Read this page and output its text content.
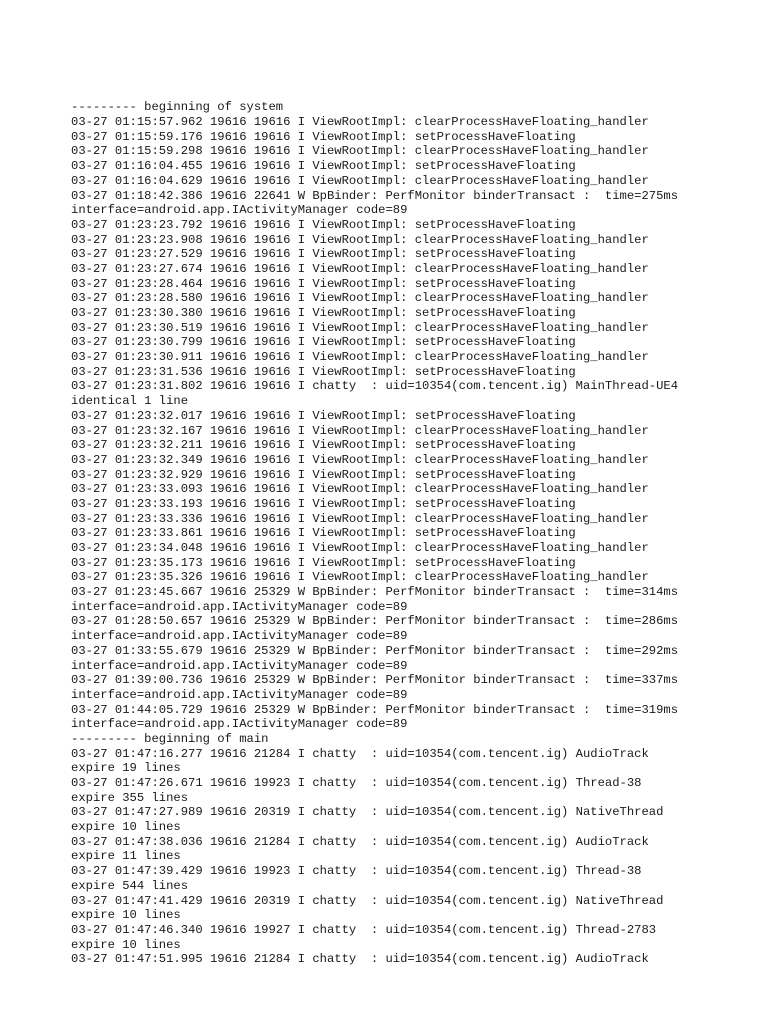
--------- beginning of system
03-27 01:15:57.962 19616 19616 I ViewRootImpl: clearProcessHaveFloating_handler
03-27 01:15:59.176 19616 19616 I ViewRootImpl: setProcessHaveFloating
03-27 01:15:59.298 19616 19616 I ViewRootImpl: clearProcessHaveFloating_handler
03-27 01:16:04.455 19616 19616 I ViewRootImpl: setProcessHaveFloating
03-27 01:16:04.629 19616 19616 I ViewRootImpl: clearProcessHaveFloating_handler
03-27 01:18:42.386 19616 22641 W BpBinder: PerfMonitor binderTransact :  time=275ms
interface=android.app.IActivityManager code=89
03-27 01:23:23.792 19616 19616 I ViewRootImpl: setProcessHaveFloating
03-27 01:23:23.908 19616 19616 I ViewRootImpl: clearProcessHaveFloating_handler
03-27 01:23:27.529 19616 19616 I ViewRootImpl: setProcessHaveFloating
03-27 01:23:27.674 19616 19616 I ViewRootImpl: clearProcessHaveFloating_handler
03-27 01:23:28.464 19616 19616 I ViewRootImpl: setProcessHaveFloating
03-27 01:23:28.580 19616 19616 I ViewRootImpl: clearProcessHaveFloating_handler
03-27 01:23:30.380 19616 19616 I ViewRootImpl: setProcessHaveFloating
03-27 01:23:30.519 19616 19616 I ViewRootImpl: clearProcessHaveFloating_handler
03-27 01:23:30.799 19616 19616 I ViewRootImpl: setProcessHaveFloating
03-27 01:23:30.911 19616 19616 I ViewRootImpl: clearProcessHaveFloating_handler
03-27 01:23:31.536 19616 19616 I ViewRootImpl: setProcessHaveFloating
03-27 01:23:31.802 19616 19616 I chatty  : uid=10354(com.tencent.ig) MainThread-UE4
identical 1 line
03-27 01:23:32.017 19616 19616 I ViewRootImpl: setProcessHaveFloating
03-27 01:23:32.167 19616 19616 I ViewRootImpl: clearProcessHaveFloating_handler
03-27 01:23:32.211 19616 19616 I ViewRootImpl: setProcessHaveFloating
03-27 01:23:32.349 19616 19616 I ViewRootImpl: clearProcessHaveFloating_handler
03-27 01:23:32.929 19616 19616 I ViewRootImpl: setProcessHaveFloating
03-27 01:23:33.093 19616 19616 I ViewRootImpl: clearProcessHaveFloating_handler
03-27 01:23:33.193 19616 19616 I ViewRootImpl: setProcessHaveFloating
03-27 01:23:33.336 19616 19616 I ViewRootImpl: clearProcessHaveFloating_handler
03-27 01:23:33.861 19616 19616 I ViewRootImpl: setProcessHaveFloating
03-27 01:23:34.048 19616 19616 I ViewRootImpl: clearProcessHaveFloating_handler
03-27 01:23:35.173 19616 19616 I ViewRootImpl: setProcessHaveFloating
03-27 01:23:35.326 19616 19616 I ViewRootImpl: clearProcessHaveFloating_handler
03-27 01:23:45.667 19616 25329 W BpBinder: PerfMonitor binderTransact :  time=314ms
interface=android.app.IActivityManager code=89
03-27 01:28:50.657 19616 25329 W BpBinder: PerfMonitor binderTransact :  time=286ms
interface=android.app.IActivityManager code=89
03-27 01:33:55.679 19616 25329 W BpBinder: PerfMonitor binderTransact :  time=292ms
interface=android.app.IActivityManager code=89
03-27 01:39:00.736 19616 25329 W BpBinder: PerfMonitor binderTransact :  time=337ms
interface=android.app.IActivityManager code=89
03-27 01:44:05.729 19616 25329 W BpBinder: PerfMonitor binderTransact :  time=319ms
interface=android.app.IActivityManager code=89
--------- beginning of main
03-27 01:47:16.277 19616 21284 I chatty  : uid=10354(com.tencent.ig) AudioTrack
expire 19 lines
03-27 01:47:26.671 19616 19923 I chatty  : uid=10354(com.tencent.ig) Thread-38
expire 355 lines
03-27 01:47:27.989 19616 20319 I chatty  : uid=10354(com.tencent.ig) NativeThread
expire 10 lines
03-27 01:47:38.036 19616 21284 I chatty  : uid=10354(com.tencent.ig) AudioTrack
expire 11 lines
03-27 01:47:39.429 19616 19923 I chatty  : uid=10354(com.tencent.ig) Thread-38
expire 544 lines
03-27 01:47:41.429 19616 20319 I chatty  : uid=10354(com.tencent.ig) NativeThread
expire 10 lines
03-27 01:47:46.340 19616 19927 I chatty  : uid=10354(com.tencent.ig) Thread-2783
expire 10 lines
03-27 01:47:51.995 19616 21284 I chatty  : uid=10354(com.tencent.ig) AudioTrack
